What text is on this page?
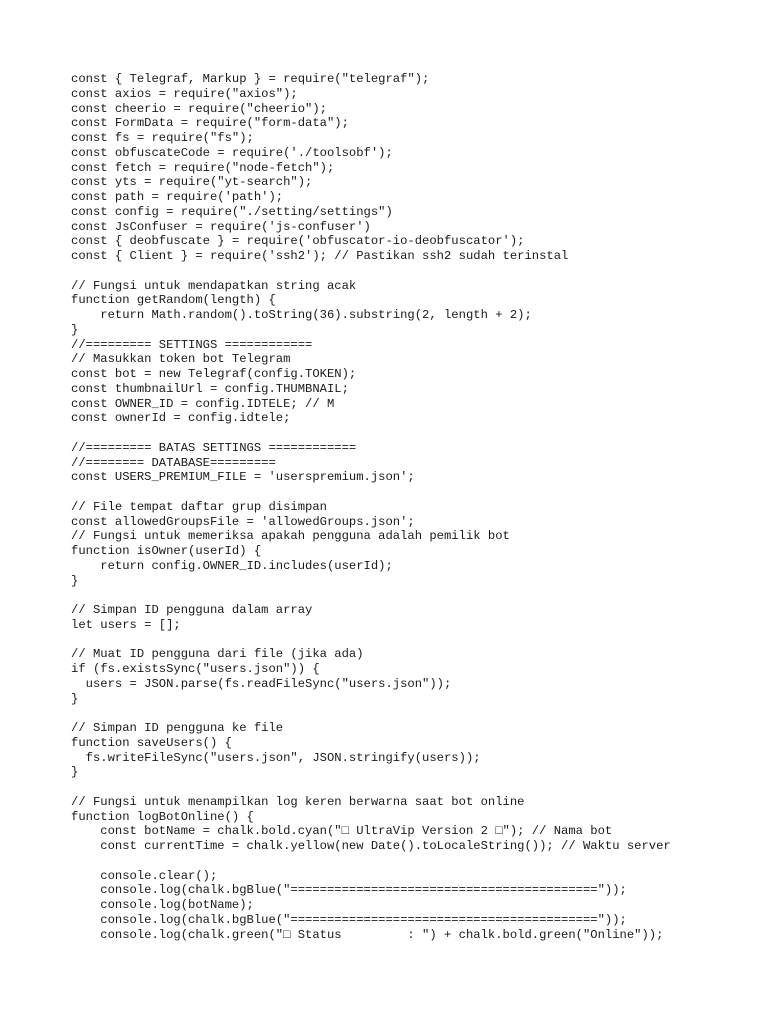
const { Telegraf, Markup } = require("telegraf");
const axios = require("axios");
const cheerio = require("cheerio");
const FormData = require("form-data");
const fs = require("fs");
const obfuscateCode = require('./toolsobf');
const fetch = require("node-fetch");
const yts = require("yt-search");
const path = require('path');
const config = require("./setting/settings")
const JsConfuser = require('js-confuser')
const { deobfuscate } = require('obfuscator-io-deobfuscator');
const { Client } = require('ssh2'); // Pastikan ssh2 sudah terinstal
// Fungsi untuk mendapatkan string acak
function getRandom(length) {
return Math.random().toString(36).substring(2, length + 2);
}
//========= SETTINGS ============
// Masukkan token bot Telegram
const bot = new Telegraf(config.TOKEN);
const thumbnailUrl = config.THUMBNAIL;
const OWNER_ID = config.IDTELE; // M
const ownerId = config.idtele;
//========= BATAS SETTINGS ============
//======== DATABASE=========
const USERS_PREMIUM_FILE = 'userspremium.json';
// File tempat daftar grup disimpan
const allowedGroupsFile = 'allowedGroups.json';
// Fungsi untuk memeriksa apakah pengguna adalah pemilik bot
function isOwner(userId) {
return config.OWNER_ID.includes(userId);
}
// Simpan ID pengguna dalam array
let users = [];
// Muat ID pengguna dari file (jika ada)
if (fs.existsSync("users.json")) {
users = JSON.parse(fs.readFileSync("users.json"));
}
// Simpan ID pengguna ke file
function saveUsers() {
fs.writeFileSync("users.json", JSON.stringify(users));
}
// Fungsi untuk menampilkan log keren berwarna saat bot online
function logBotOnline() {
const botName = chalk.bold.cyan("□ UltraVip Version 2 □"); // Nama bot
const currentTime = chalk.yellow(new Date().toLocaleString()); // Waktu server
console.clear();
console.log(chalk.bgBlue("=========================================="));
console.log(botName);
console.log(chalk.bgBlue("=========================================="));
console.log(chalk.green("□ Status         : ") + chalk.bold.green("Online"));
